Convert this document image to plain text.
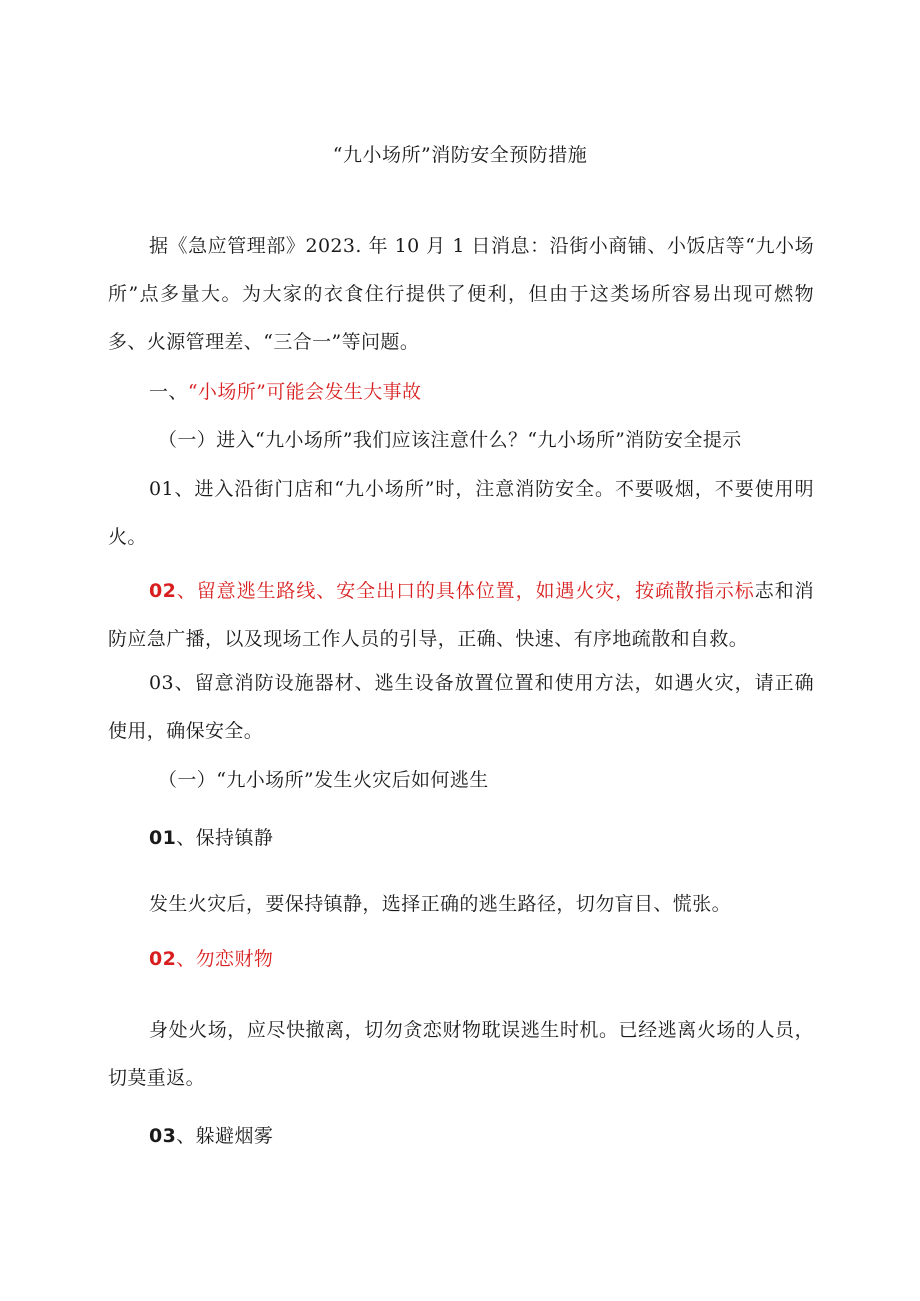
“九小场所”消防安全预防措施
据《急应管理部》2023. 年 10 月 1 日消息：沿街小商铺、小饭店等“九小场所”点多量大。为大家的衣食住行提供了便利，但由于这类场所容易出现可燃物多、火源管理差、“三合一”等问题。
一、“小场所”可能会发生大事故
（一）进入“九小场所”我们应该注意什么？“九小场所”消防安全提示
01、进入沿街门店和“九小场所”时，注意消防安全。不要吸烟，不要使用明火。
02、留意逃生路线、安全出口的具体位置，如遇火灾，按疏散指示标志和消防应急广播，以及现场工作人员的引导，正确、快速、有序地疏散和自救。
03、留意消防设施器材、逃生设备放置位置和使用方法，如遇火灾，请正确使用，确保安全。
（一）“九小场所”发生火灾后如何逃生
01、保持镇静
发生火灾后，要保持镇静，选择正确的逃生路径，切勿盲目、慌张。
02、勿恋财物
身处火场，应尽快撤离，切勿贪恋财物耽误逃生时机。已经逃离火场的人员，切莫重返。
03、躲避烟雾
